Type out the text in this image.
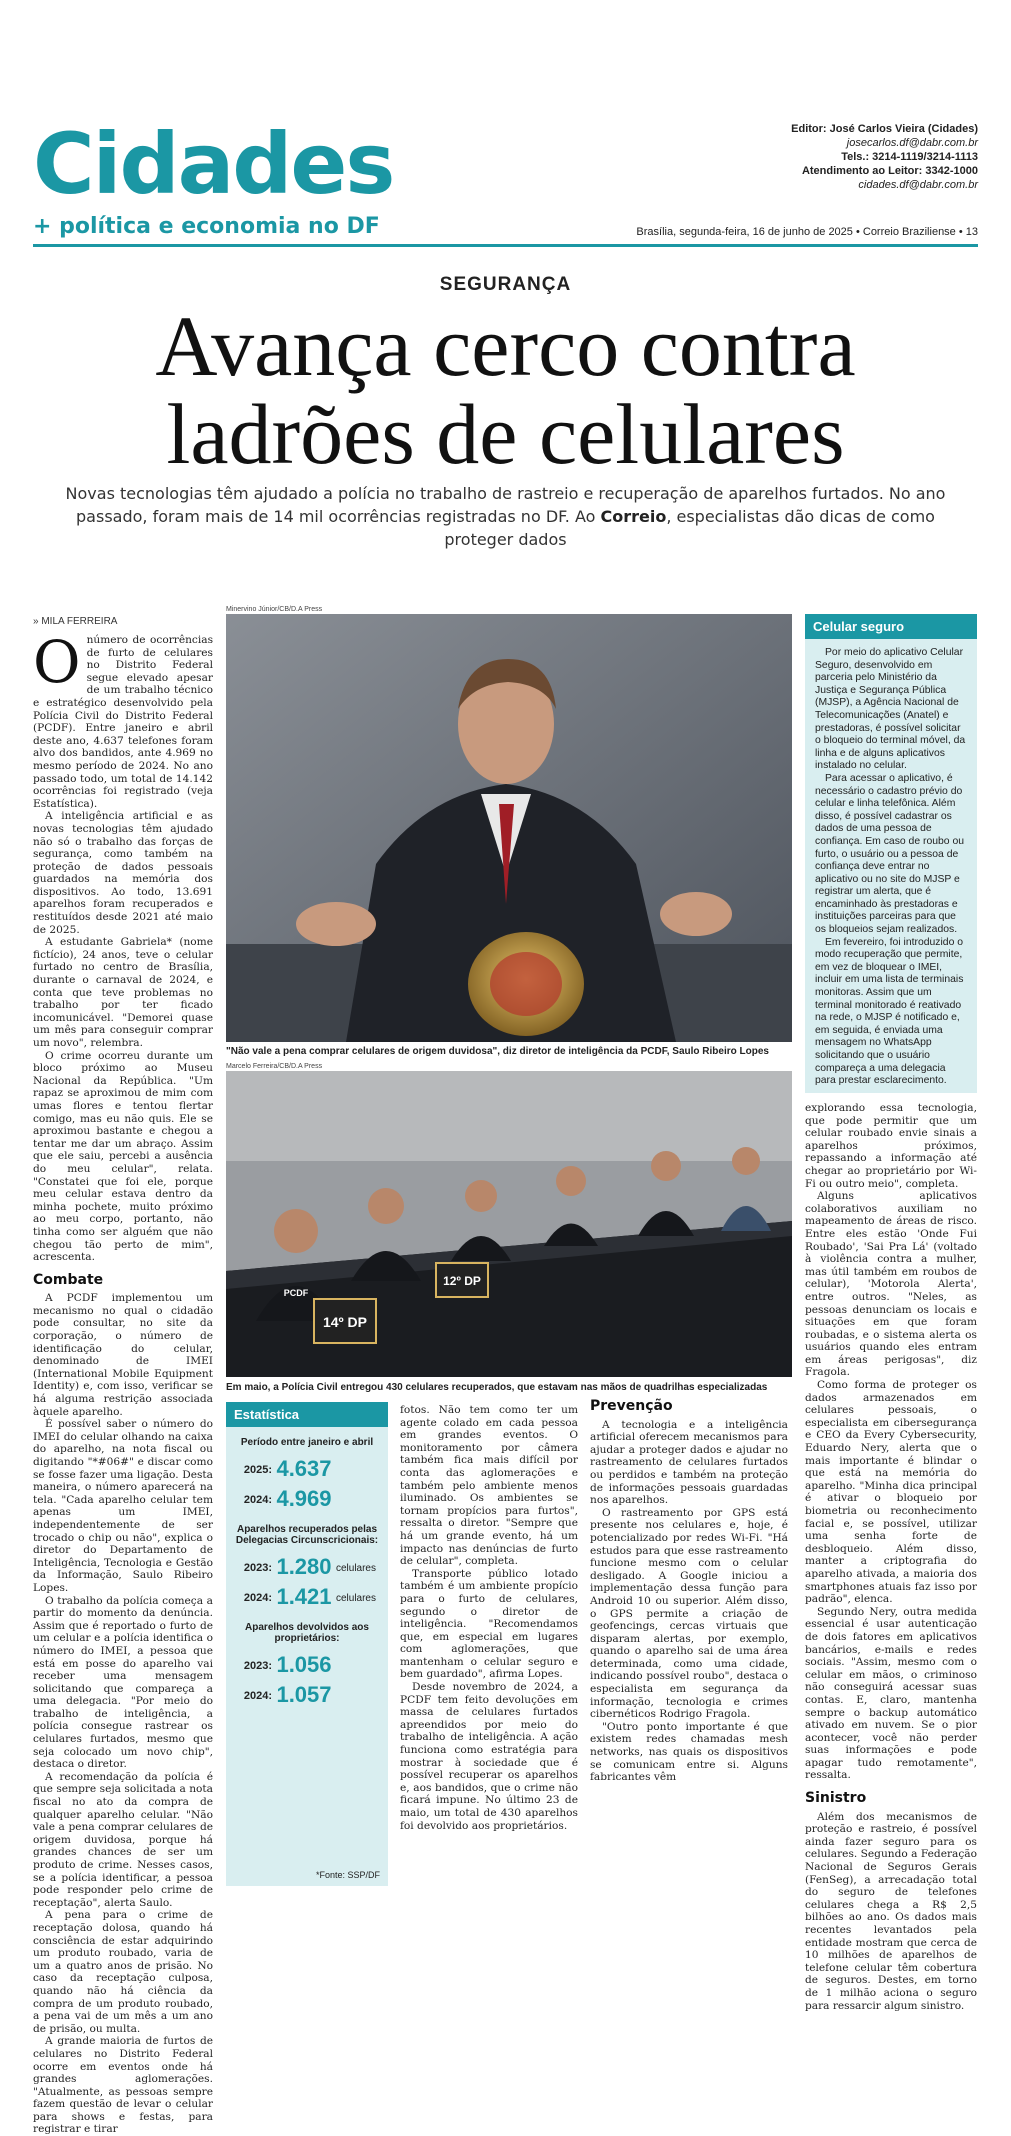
Cidades
+ política e economia no DF
Editor: José Carlos Vieira (Cidades)
josecarlos.df@dabr.com.br
Tels.: 3214-1119/3214-1113
Atendimento ao Leitor: 3342-1000
cidades.df@dabr.com.br
Brasília, segunda-feira, 16 de junho de 2025 • Correio Braziliense • 13
SEGURANÇA
Avança cerco contra
ladrões de celulares
Novas tecnologias têm ajudado a polícia no trabalho de rastreio e recuperação de aparelhos furtados. No ano passado, foram mais de 14 mil ocorrências registradas no DF. Ao Correio, especialistas dão dicas de como proteger dados
» MILA FERREIRA
O número de ocorrências de furto de celulares no Distrito Federal segue elevado apesar de um trabalho técnico e estratégico desenvolvido pela Polícia Civil do Distrito Federal (PCDF). Entre janeiro e abril deste ano, 4.637 telefones foram alvo dos bandidos, ante 4.969 no mesmo período de 2024. No ano passado todo, um total de 14.142 ocorrências foi registrado (veja Estatística).

A inteligência artificial e as novas tecnologias têm ajudado não só o trabalho das forças de segurança, como também na proteção de dados pessoais guardados na memória dos dispositivos. Ao todo, 13.691 aparelhos foram recuperados e restituídos desde 2021 até maio de 2025.

A estudante Gabriela* (nome fictício), 24 anos, teve o celular furtado no centro de Brasília, durante o carnaval de 2024, e conta que teve problemas no trabalho por ter ficado incomunicável. "Demorei quase um mês para conseguir comprar um novo", relembra.

O crime ocorreu durante um bloco próximo ao Museu Nacional da República. "Um rapaz se aproximou de mim com umas flores e tentou flertar comigo, mas eu não quis. Ele se aproximou bastante e chegou a tentar me dar um abraço. Assim que ele saiu, percebi a ausência do meu celular", relata. "Constatei que foi ele, porque meu celular estava dentro da minha pochete, muito próximo ao meu corpo, portanto, não tinha como ser alguém que não chegou tão perto de mim", acrescenta.

Combate

A PCDF implementou um mecanismo no qual o cidadão pode consultar, no site da corporação, o número de identificação do celular, denominado de IMEI (International Mobile Equipment Identity) e, com isso, verificar se há alguma restrição associada àquele aparelho.

É possível saber o número do IMEI do celular olhando na caixa do aparelho, na nota fiscal ou digitando "*#06#" e discar como se fosse fazer uma ligação. Desta maneira, o número aparecerá na tela. "Cada aparelho celular tem apenas um IMEI, independentemente de ser trocado o chip ou não", explica o diretor do Departamento de Inteligência, Tecnologia e Gestão da Informação, Saulo Ribeiro Lopes.

O trabalho da polícia começa a partir do momento da denúncia. Assim que é reportado o furto de um celular e a polícia identifica o número do IMEI, a pessoa que está em posse do aparelho vai receber uma mensagem solicitando que compareça a uma delegacia. "Por meio do trabalho de inteligência, a polícia consegue rastrear os celulares furtados, mesmo que seja colocado um novo chip", destaca o diretor.

A recomendação da polícia é que sempre seja solicitada a nota fiscal no ato da compra de qualquer aparelho celular. "Não vale a pena comprar celulares de origem duvidosa, porque há grandes chances de ser um produto de crime. Nesses casos, se a polícia identificar, a pessoa pode responder pelo crime de receptação", alerta Saulo.

A pena para o crime de receptação dolosa, quando há consciência de estar adquirindo um produto roubado, varia de um a quatro anos de prisão. No caso da receptação culposa, quando não há ciência da compra de um produto roubado, a pena vai de um mês a um ano de prisão, ou multa.

A grande maioria de furtos de celulares no Distrito Federal ocorre em eventos onde há grandes aglomerações. "Atualmente, as pessoas sempre fazem questão de levar o celular para shows e festas, para registrar e tirar

Minervino Júnior/CB/D.A Press
"Não vale a pena comprar celulares de origem duvidosa", diz diretor de inteligência da PCDF, Saulo Ribeiro Lopes
Marcelo Ferreira/CB/D.A Press
14º DP
12º DP
PCDF
Em maio, a Polícia Civil entregou 430 celulares recuperados, que estavam nas mãos de quadrilhas especializadas
Celular seguro

Por meio do aplicativo Celular Seguro, desenvolvido em parceria pelo Ministério da Justiça e Segurança Pública (MJSP), a Agência Nacional de Telecomunicações (Anatel) e prestadoras, é possível solicitar o bloqueio do terminal móvel, da linha e de alguns aplicativos instalado no celular.

Para acessar o aplicativo, é necessário o cadastro prévio do celular e linha telefônica. Além disso, é possível cadastrar os dados de uma pessoa de confiança. Em caso de roubo ou furto, o usuário ou a pessoa de confiança deve entrar no aplicativo ou no site do MJSP e registrar um alerta, que é encaminhado às prestadoras e instituições parceiras para que os bloqueios sejam realizados.

Em fevereiro, foi introduzido o modo recuperação que permite, em vez de bloquear o IMEI, incluir em uma lista de terminais monitoras. Assim que um terminal monitorado é reativado na rede, o MJSP é notificado e, em seguida, é enviada uma mensagem no WhatsApp solicitando que o usuário compareça a uma delegacia para prestar esclarecimento.

Estatística
Período entre janeiro e abril
2025: 4.637
2024: 4.969
Aparelhos recuperados pelas Delegacias Circunscricionais:
2023: 1.280 celulares
2024: 1.421 celulares
Aparelhos devolvidos aos proprietários:
2023: 1.056
2024: 1.057
*Fonte: SSP/DF

fotos. Não tem como ter um agente colado em cada pessoa em grandes eventos. O monitoramento por câmera também fica mais difícil por conta das aglomerações e também pelo ambiente menos iluminado. Os ambientes se tornam propícios para furtos", ressalta o diretor. "Sempre que há um grande evento, há um impacto nas denúncias de furto de celular", completa.

Transporte público lotado também é um ambiente propício para o furto de celulares, segundo o diretor de inteligência. "Recomendamos que, em especial em lugares com aglomerações, que mantenham o celular seguro e bem guardado", afirma Lopes.

Desde novembro de 2024, a PCDF tem feito devoluções em massa de celulares furtados apreendidos por meio do trabalho de inteligência. A ação funciona como estratégia para mostrar à sociedade que é possível recuperar os aparelhos e, aos bandidos, que o crime não ficará impune. No último 23 de maio, um total de 430 aparelhos foi devolvido aos proprietários.

Prevenção

A tecnologia e a inteligência artificial oferecem mecanismos para ajudar a proteger dados e ajudar no rastreamento de celulares furtados ou perdidos e também na proteção de informações pessoais guardadas nos aparelhos.

O rastreamento por GPS está presente nos celulares e, hoje, é potencializado por redes Wi-Fi. "Há estudos para que esse rastreamento funcione mesmo com o celular desligado. A Google iniciou a implementação dessa função para Android 10 ou superior. Além disso, o GPS permite a criação de geofencings, cercas virtuais que disparam alertas, por exemplo, quando o aparelho sai de uma área determinada, como uma cidade, indicando possível roubo", destaca o especialista em segurança da informação, tecnologia e crimes cibernéticos Rodrigo Fragola.

"Outro ponto importante é que existem redes chamadas mesh networks, nas quais os dispositivos se comunicam entre si. Alguns fabricantes vêm

explorando essa tecnologia, que pode permitir que um celular roubado envie sinais a aparelhos próximos, repassando a informação até chegar ao proprietário por Wi-Fi ou outro meio", completa.

Alguns aplicativos colaborativos auxiliam no mapeamento de áreas de risco. Entre eles estão 'Onde Fui Roubado', 'Sai Pra Lá' (voltado à violência contra a mulher, mas útil também em roubos de celular), 'Motorola Alerta', entre outros. "Neles, as pessoas denunciam os locais e situações em que foram roubadas, e o sistema alerta os usuários quando eles entram em áreas perigosas", diz Fragola.

Como forma de proteger os dados armazenados em celulares pessoais, o especialista em cibersegurança e CEO da Every Cybersecurity, Eduardo Nery, alerta que o mais importante é blindar o que está na memória do aparelho. "Minha dica principal é ativar o bloqueio por biometria ou reconhecimento facial e, se possível, utilizar uma senha forte de desbloqueio. Além disso, manter a criptografia do aparelho ativada, a maioria dos smartphones atuais faz isso por padrão", elenca.

Segundo Nery, outra medida essencial é usar autenticação de dois fatores em aplicativos bancários, e-mails e redes sociais. "Assim, mesmo com o celular em mãos, o criminoso não conseguirá acessar suas contas. E, claro, mantenha sempre o backup automático ativado em nuvem. Se o pior acontecer, você não perder suas informações e pode apagar tudo remotamente", ressalta.

Sinistro

Além dos mecanismos de proteção e rastreio, é possível ainda fazer seguro para os celulares. Segundo a Federação Nacional de Seguros Gerais (FenSeg), a arrecadação total do seguro de telefones celulares chega a R$ 2,5 bilhões ao ano. Os dados mais recentes levantados pela entidade mostram que cerca de 10 milhões de aparelhos de telefone celular têm cobertura de seguros. Destes, em torno de 1 milhão aciona o seguro para ressarcir algum sinistro.
